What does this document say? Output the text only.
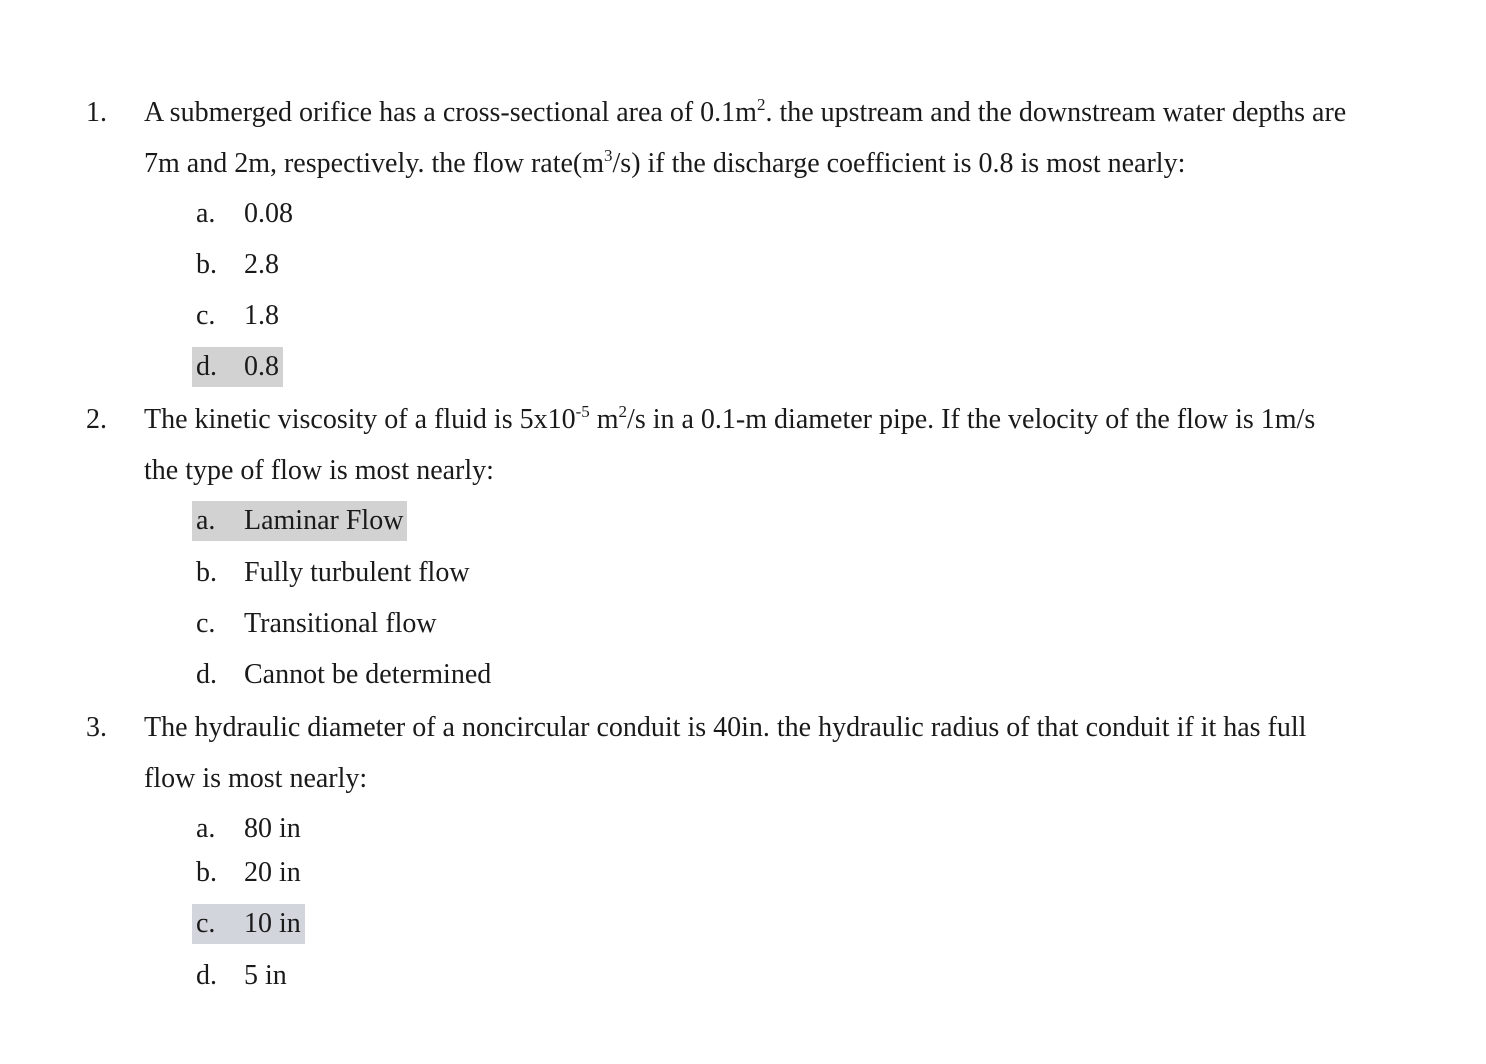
1. A submerged orifice has a cross-sectional area of $0.1m^2$. the upstream and the downstream water depths are
7m and 2m, respectively. the flow $rate(m^3/s)$ if the discharge coefficient is 0.8 is most nearly:
a. 0.08
b. 2.8
c. 1.8
d. 0.8
2. The kinetic viscosity of a fluid is $5x10^{-5}$ $m^2/s$ in a 0.1-m diameter pipe. If the velocity of the flow is 1m/s
the type of flow is most nearly:
a. Laminar Flow
b. Fully turbulent flow
c. Transitional flow
d. Cannot be determined
3. The hydraulic diameter of a noncircular conduit is 40in. the hydraulic radius of that conduit if it has full
flow is most nearly:
a. 80 in
b. 20 in
c. 10 in
d. 5 in
